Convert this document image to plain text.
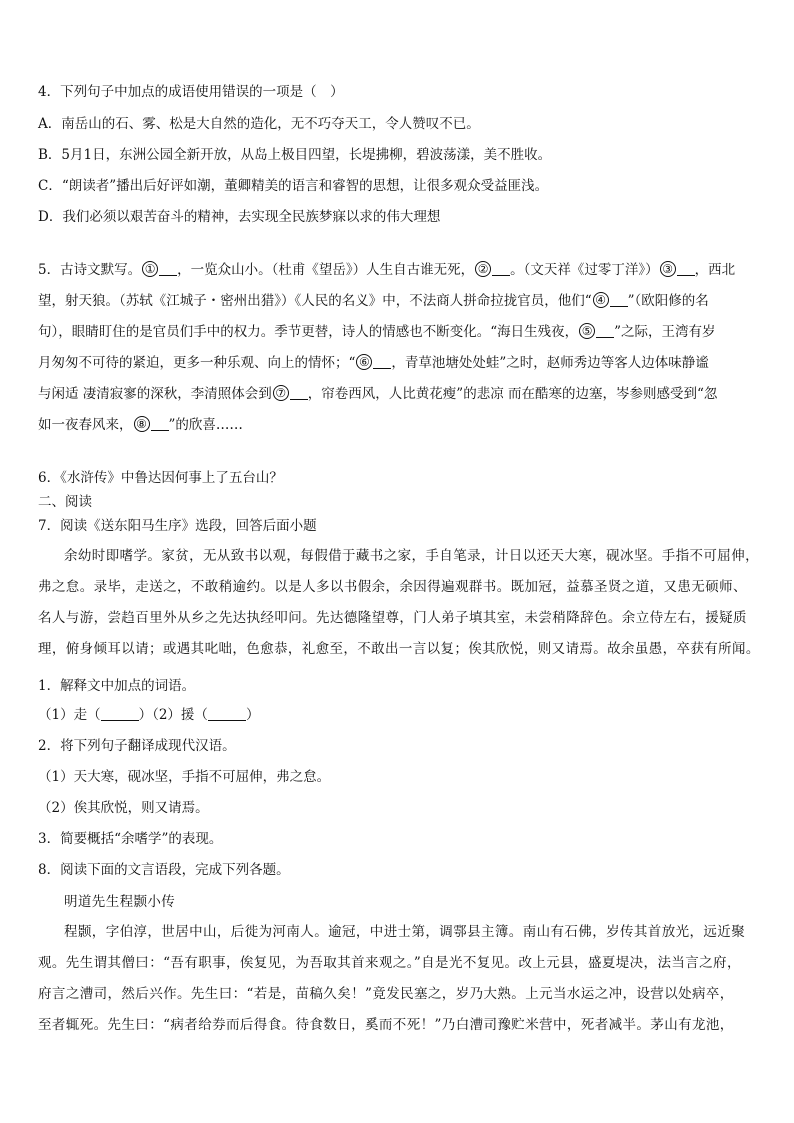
4．下列句子中加点的成语使用错误的一项是（　）
A．南岳山的石、雾、松是大自然的造化，无不巧夺天工，令人赞叹不已。
B．5月1日，东洲公园全新开放，从岛上极目四望，长堤拂柳，碧波荡漾，美不胜收。
C．“朗读者”播出后好评如潮，董卿精美的语言和睿智的思想，让很多观众受益匪浅。
D．我们必须以艰苦奋斗的精神，去实现全民族梦寐以求的伟大理想
5．古诗文默写。 ① ，一览众山小。（杜甫《望岳》）人生自古谁无死， ② 。（文天祥《过零丁洋》） ③ ，西北
望，射天狼。（苏轼《江城子・密州出猎》）《人民的名义》中，不法商人拼命拉拢官员，他们“ ④ ”（欧阳修的名
句），眼睛盯住的是官员们手中的权力。季节更替，诗人的情感也不断变化。“海日生残夜， ⑤ ”之际，王湾有岁
月匆匆不可待的紧迫，更多一种乐观、向上的情怀；“ ⑥ ，青草池塘处处蛙”之时，赵师秀边等客人边体味静谧
与闲适 凄清寂寥的深秋，李清照体会到 ⑦ ，帘卷西风，人比黄花瘦”的悲凉 而在酷寒的边塞，岑参则感受到“忽
如一夜春风来， ⑧ ”的欣喜……
6．《水浒传》中鲁达因何事上了五台山？
二、阅读
7．阅读《送东阳马生序》选段，回答后面小题
余幼时即嗜学。家贫，无从致书以观，每假借于藏书之家，手自笔录，计日以还天大寒，砚冰坚。手指不可屈伸，
弗之怠。录毕，走送之，不敢稍逾约。以是人多以书假余，余因得遍观群书。既加冠，益慕圣贤之道，又患无硕师、
名人与游，尝趋百里外从乡之先达执经叩问。先达德隆望尊，门人弟子填其室，未尝稍降辞色。余立侍左右，援疑质
理，俯身倾耳以请；或遇其叱咄，色愈恭，礼愈至，不敢出一言以复；俟其欣悦，则又请焉。故余虽愚，卒获有所闻。
1．解释文中加点的词语。
（1）走（	）（2）援（	）
2．将下列句子翻译成现代汉语。
（1）天大寒，砚冰坚，手指不可屈伸，弗之怠。
（2）俟其欣悦，则又请焉。
3．简要概括“余嗜学”的表现。
8．阅读下面的文言语段，完成下列各题。
明道先生程颢小传
程颢，字伯淳，世居中山，后徙为河南人。逾冠，中进士第，调鄠县主簿。南山有石佛，岁传其首放光，远近聚
观。先生谓其僧曰：“吾有职事，俟复见，为吾取其首来观之。”自是光不复见。改上元县，盛夏堤决，法当言之府，
府言之漕司，然后兴作。先生曰：“若是，苗稿久矣！”竟发民塞之，岁乃大熟。上元当水运之冲，设营以处病卒，
至者辄死。先生曰：“病者给券而后得食。待食数日，奚而不死！”乃白漕司豫贮米营中，死者减半。茅山有龙池，
